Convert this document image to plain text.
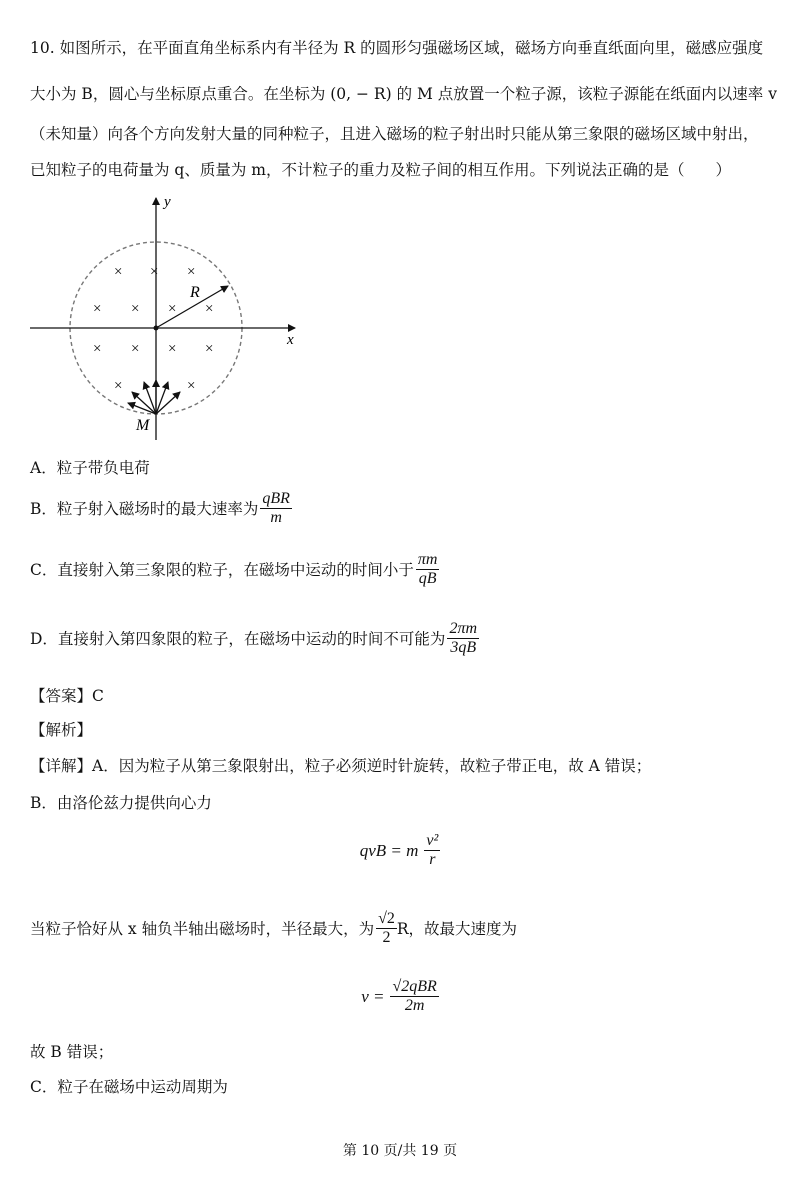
10. 如图所示，在平面直角坐标系内有半径为 R 的圆形匀强磁场区域，磁场方向垂直纸面向里，磁感应强度
大小为 B，圆心与坐标原点重合。在坐标为 (0, − R) 的 M 点放置一个粒子源，该粒子源能在纸面内以速率 v
（未知量）向各个方向发射大量的同种粒子，且进入磁场的粒子射出时只能从第三象限的磁场区域中射出，
已知粒子的电荷量为 q、质量为 m，不计粒子的重力及粒子间的相互作用。下列说法正确的是（　　）
y
x
R
× × ×
× × × ×
× × × ×
×	×
M
A．粒子带负电荷
B．粒子射入磁场时的最大速率为 $\frac{\text{qBR}}{m}$
C．直接射入第三象限的粒子，在磁场中运动的时间小于 $\frac{\pi m}{qB}$
D．直接射入第四象限的粒子，在磁场中运动的时间不可能为 $\frac{2\pi m}{3qB}$
【答案】C
【解析】
【详解】A．因为粒子从第三象限射出，粒子必须逆时针旋转，故粒子带正电，故 A 错误；
B．由洛伦兹力提供向心力
qvB = m $\frac{\text{v²}}{r}$
当粒子恰好从 x 轴负半轴出磁场时，半径最大，为 $\frac{√2}{2}$ R，故最大速度为
$v = \frac{\text{√2qBR}}{2m}$
故 B 错误；
C．粒子在磁场中运动周期为
第 10 页/共 19 页
